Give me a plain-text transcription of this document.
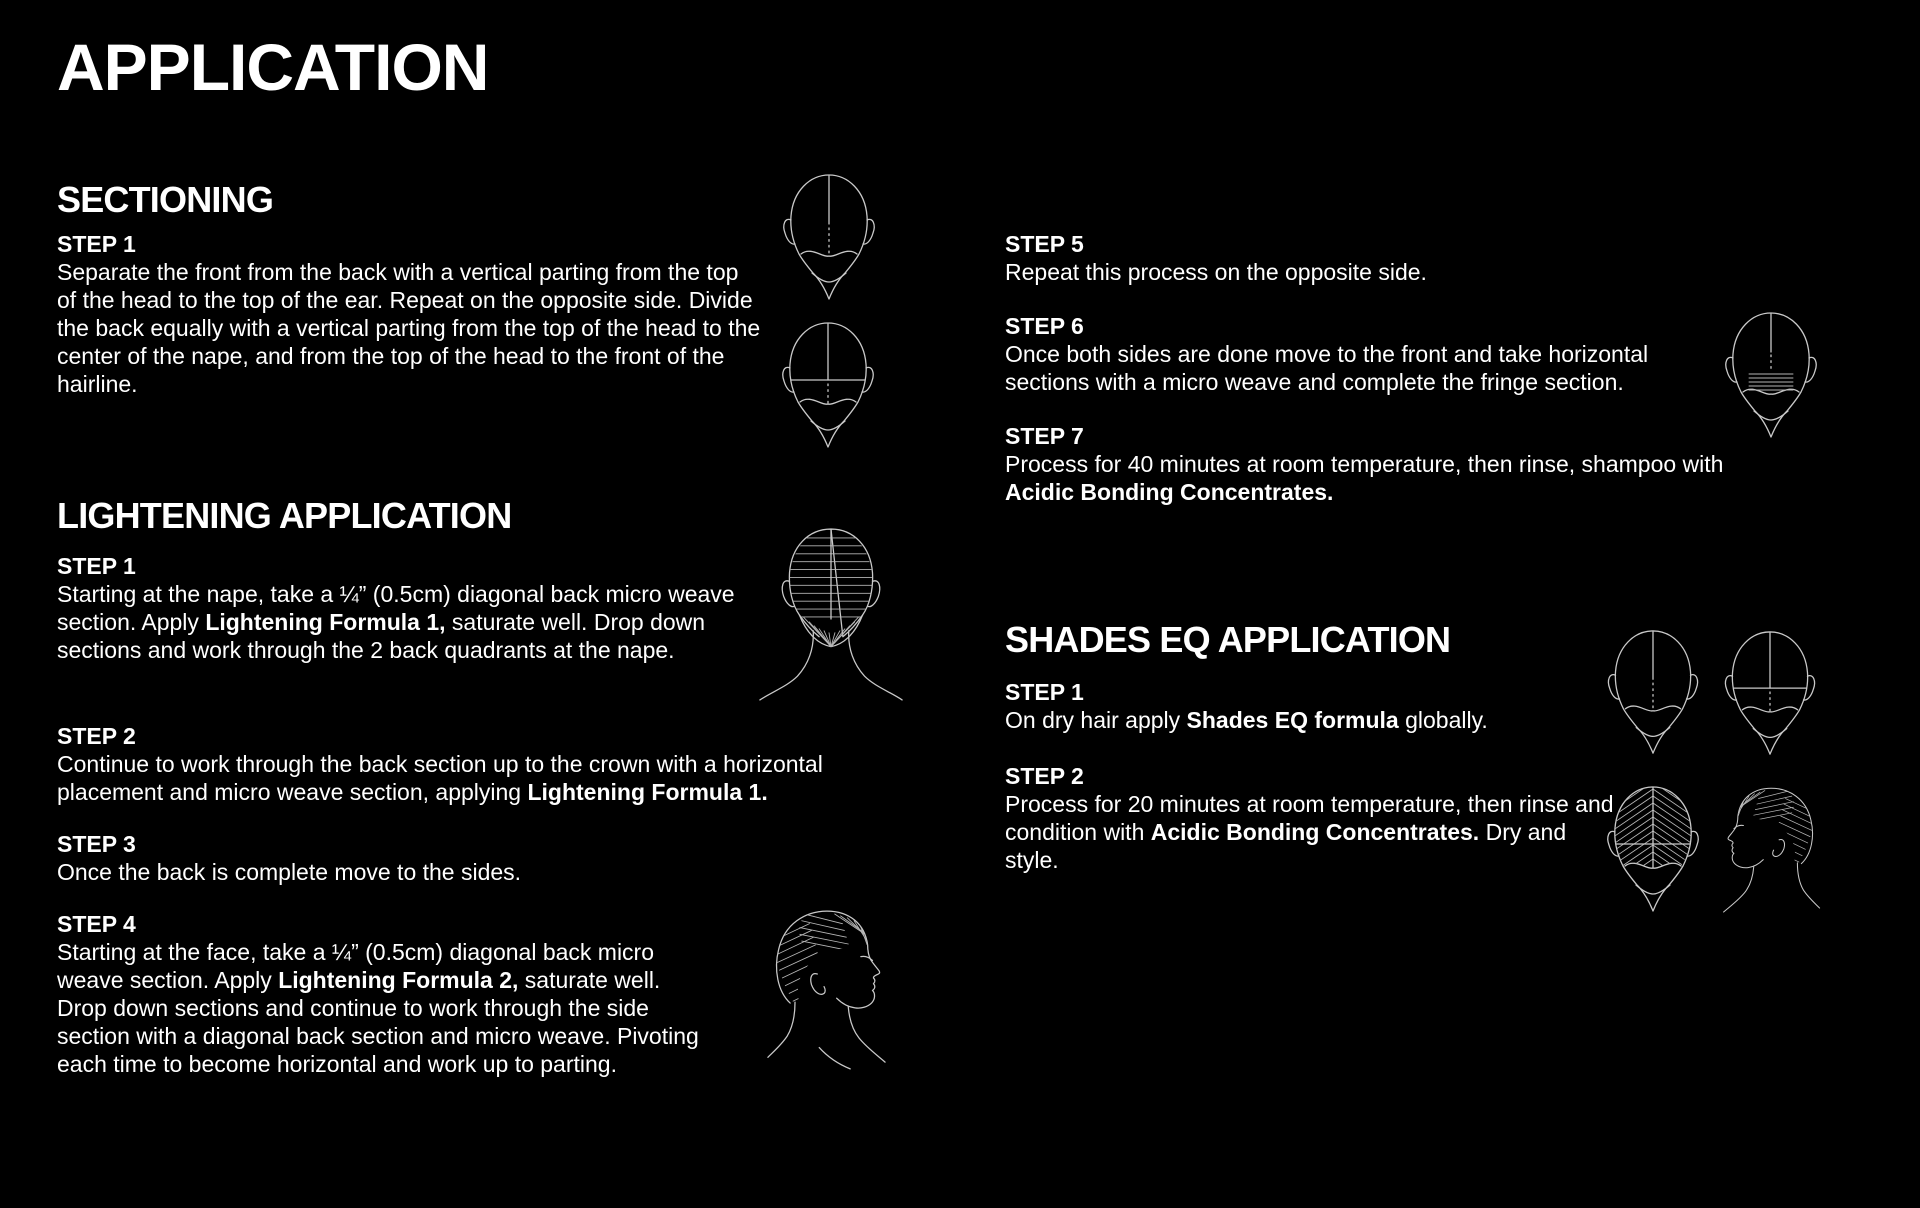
APPLICATION
SECTIONING
STEP 1

Separate the front from the back with a vertical parting from the top of the head to the top of the ear. Repeat on the opposite side. Divide the back equally with a vertical parting from the top of the head to the center of the nape, and from the top of the head to the front of the hairline.

LIGHTENING APPLICATION
STEP 1

Starting at the nape, take a ¼” (0.5cm) diagonal back micro weave section. Apply Lightening Formula 1, saturate well. Drop down sections and work through the 2 back quadrants at the nape.

STEP 2

Continue to work through the back section up to the crown with a horizontal placement and micro weave section, applying Lightening Formula 1.

STEP 3

Once the back is complete move to the sides.

STEP 4

Starting at the face, take a ¼” (0.5cm) diagonal back micro weave section. Apply Lightening Formula 2, saturate well. Drop down sections and continue to work through the side section with a diagonal back section and micro weave. Pivoting each time to become horizontal and work up to parting.

STEP 5

Repeat this process on the opposite side.

STEP 6

Once both sides are done move to the front and take horizontal sections with a micro weave and complete the fringe section.

STEP 7

Process for 40 minutes at room temperature, then rinse, shampoo with Acidic Bonding Concentrates.

SHADES EQ APPLICATION
STEP 1

On dry hair apply Shades EQ formula globally.

STEP 2

Process for 20 minutes at room temperature, then rinse and condition with Acidic Bonding Concentrates. Dry and style.
